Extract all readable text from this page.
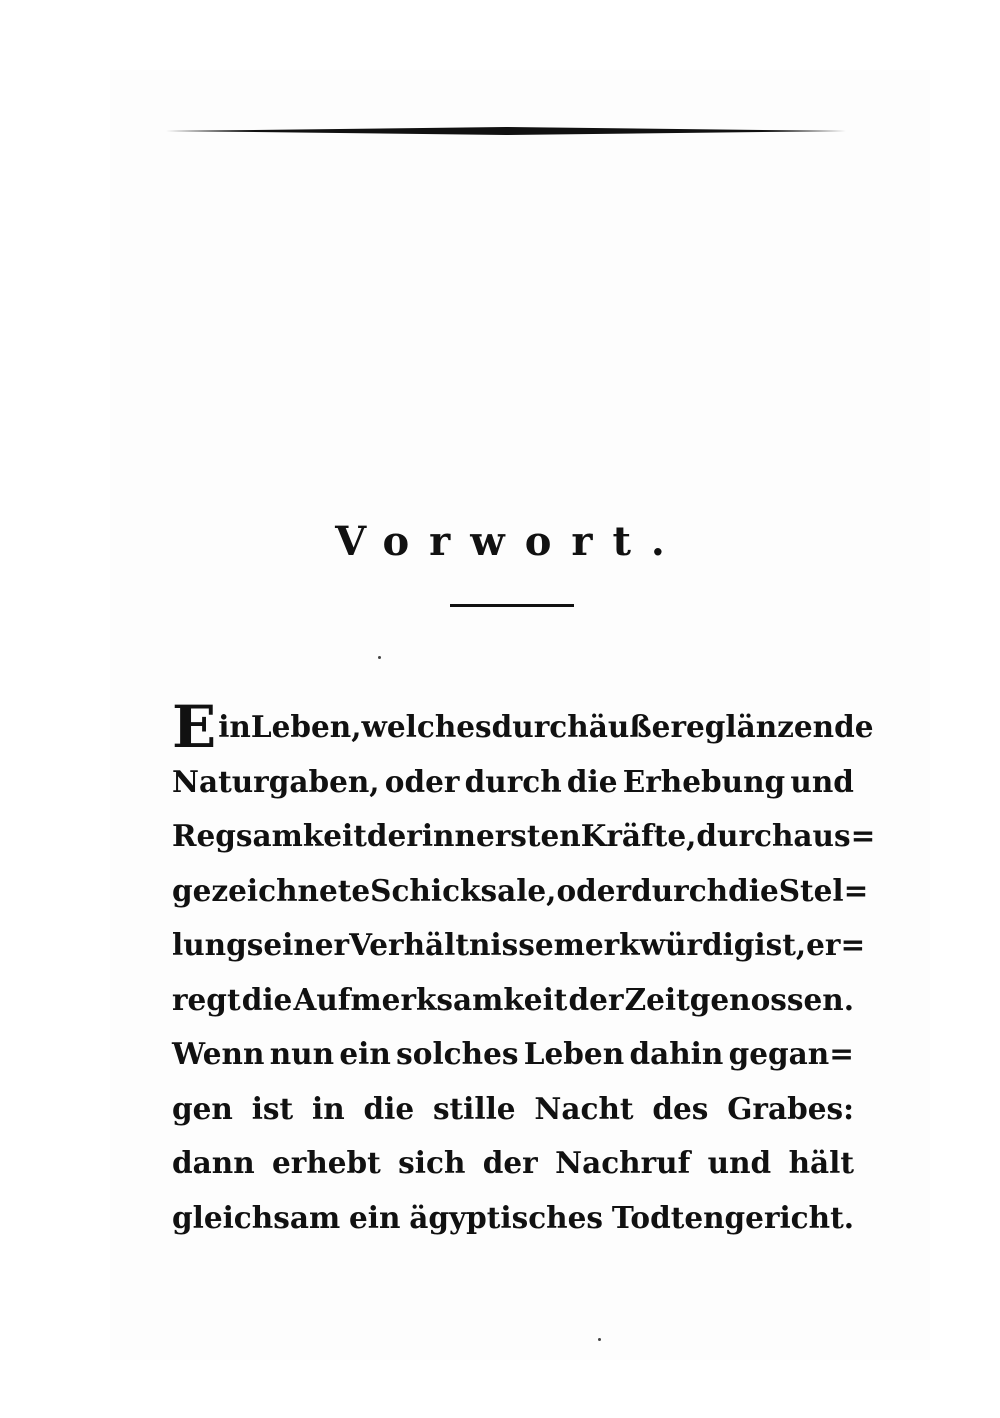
Vorwort.
E in Leben, welches durch äußere glänzende
Naturgaben, oder durch die Erhebung und
Regsamkeit der innersten Kräfte, durch aus=
gezeichnete Schicksale, oder durch die Stel=
lung seiner Verhältnisse merkwürdig ist, er=
regt die Aufmerksamkeit der Zeitgenossen.
Wenn nun ein solches Leben dahin gegan=
gen ist in die stille Nacht des Grabes:
dann erhebt sich der Nachruf und hält
gleichsam ein ägyptisches Todtengericht.
